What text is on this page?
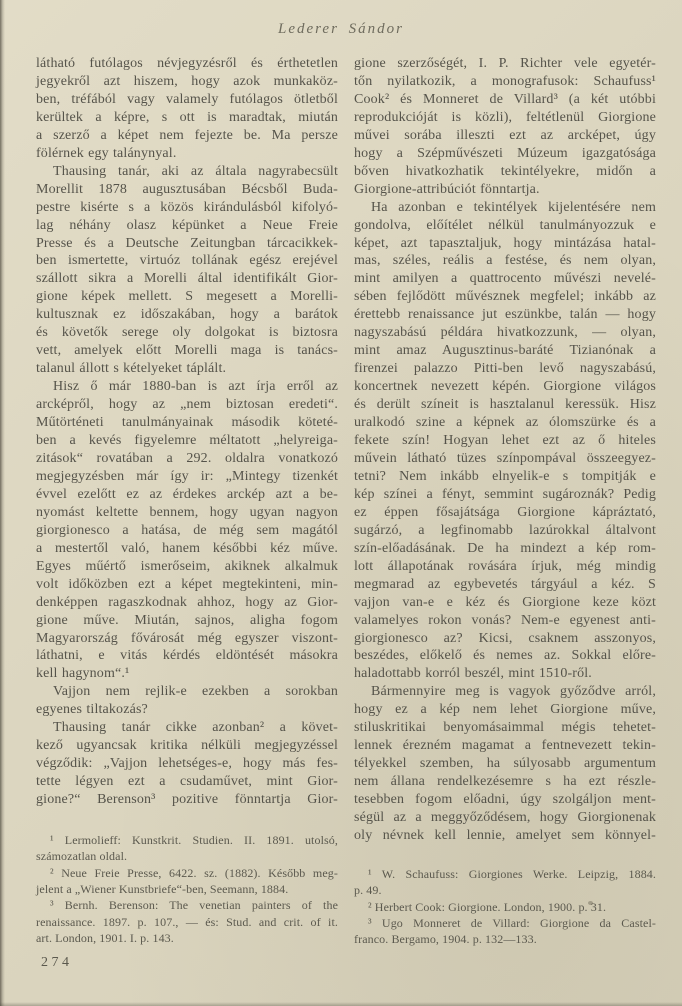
Lederer Sándor
látható futólagos névjegyzésről és érthetetlen
jegyekről azt hiszem, hogy azok munkaköz-
ben, tréfából vagy valamely futólagos ötletből
kerültek a képre, s ott is maradtak, miután
a szerző a képet nem fejezte be. Ma persze
fölérnek egy talánynyal.
Thausing tanár, aki az általa nagyrabecsült
Morellit 1878 augusztusában Bécsből Buda-
pestre kisérte s a közös kirándulásból kifolyó-
lag néhány olasz képünket a Neue Freie
Presse és a Deutsche Zeitungban tárcacikkek-
ben ismertette, virtuóz tollának egész erejével
szállott sikra a Morelli által identifikált Gior-
gione képek mellett. S megesett a Morelli-
kultusznak ez időszakában, hogy a barátok
és követők serege oly dolgokat is biztosra
vett, amelyek előtt Morelli maga is tanács-
talanul állott s kételyeket táplált.
Hisz ő már 1880-ban is azt írja erről az
arcképről, hogy az „nem biztosan eredeti“.
Műtörténeti tanulmányainak második köteté-
ben a kevés figyelemre méltatott „helyreiga-
zitások“ rovatában a 292. oldalra vonatkozó
megjegyzésben már így ir: „Mintegy tizenkét
évvel ezelőtt ez az érdekes arckép azt a be-
nyomást keltette bennem, hogy ugyan nagyon
giorgionesco a hatása, de még sem magától
a mestertől való, hanem későbbi kéz műve.
Egyes műértő ismerőseim, akiknek alkalmuk
volt időközben ezt a képet megtekinteni, min-
denképpen ragaszkodnak ahhoz, hogy az Gior-
gione műve. Miután, sajnos, aligha fogom
Magyarország fővárosát még egyszer viszont-
láthatni, e vitás kérdés eldöntését másokra
kell hagynom“.¹
Vajjon nem rejlik-e ezekben a sorokban
egyenes tiltakozás?
Thausing tanár cikke azonban² a követ-
kező ugyancsak kritika nélküli megjegyzéssel
végződik: „Vajjon lehetséges-e, hogy más fes-
tette légyen ezt a csudaművet, mint Gior-
gione?“ Berenson³ pozitive fönntartja Gior-
¹ Lermolieff: Kunstkrit. Studien. II. 1891. utolsó,
számozatlan oldal.
² Neue Freie Presse, 6422. sz. (1882). Később meg-
jelent a „Wiener Kunstbriefe“-ben, Seemann, 1884.
³ Bernh. Berenson: The venetian painters of the
renaissance. 1897. p. 107., — és: Stud. and crit. of it.
art. London, 1901. I. p. 143.
274
gione szerzőségét, I. P. Richter vele egyetér-
tőn nyilatkozik, a monografusok: Schaufuss¹
Cook² és Monneret de Villard³ (a két utóbbi
reprodukcióját is közli), feltétlenül Giorgione
művei sorába illeszti ezt az arcképet, úgy
hogy a Szépművészeti Múzeum igazgatósága
bőven hivatkozhatik tekintélyekre, midőn a
Giorgione-attribúciót fönntartja.
Ha azonban e tekintélyek kijelentésére nem
gondolva, előítélet nélkül tanulmányozzuk e
képet, azt tapasztaljuk, hogy mintázása hatal-
mas, széles, reális a festése, és nem olyan,
mint amilyen a quattrocento művészi nevelé-
sében fejlődött művésznek megfelel; inkább az
érettebb renaissance jut eszünkbe, talán — hogy
nagyszabású példára hivatkozzunk, — olyan,
mint amaz Augusztinus-baráté Tizianónak a
firenzei palazzo Pitti-ben levő nagyszabású,
koncertnek nevezett képén. Giorgione világos
és derült színeit is hasztalanul keressük. Hisz
uralkodó szine a képnek az ólomszürke és a
fekete szín! Hogyan lehet ezt az ő hiteles
művein látható tüzes színpompával összeegyez-
tetni? Nem inkább elnyelik-e s tompitják e
kép színei a fényt, semmint sugároznák? Pedig
ez éppen fősajátsága Giorgione kápráztató,
sugárzó, a legfinomabb lazúrokkal általvont
szín-előadásának. De ha mindezt a kép rom-
lott állapotának rovására írjuk, még mindig
megmarad az egybevetés tárgyául a kéz. S
vajjon van-e e kéz és Giorgione keze közt
valamelyes rokon vonás? Nem-e egyenest anti-
giorgionesco az? Kicsi, csaknem asszonyos,
beszédes, előkelő és nemes az. Sokkal előre-
haladottabb korról beszél, mint 1510-ről.
Bármennyire meg is vagyok győződve arról,
hogy ez a kép nem lehet Giorgione műve,
stiluskritikai benyomásaimmal mégis tehetet-
lennek érezném magamat a fentnevezett tekin-
télyekkel szemben, ha súlyosabb argumentum
nem állana rendelkezésemre s ha ezt részle-
tesebben fogom előadni, úgy szolgáljon ment-
ségül az a meggyőződésem, hogy Giorgionenak
oly névnek kell lennie, amelyet sem könnyel-
¹ W. Schaufuss: Giorgiones Werke. Leipzig, 1884.
p. 49.
² Herbert Cook: Giorgione. London, 1900. p. 31.
³ Ugo Monneret de Villard: Giorgione da Castel-
franco. Bergamo, 1904. p. 132—133.
